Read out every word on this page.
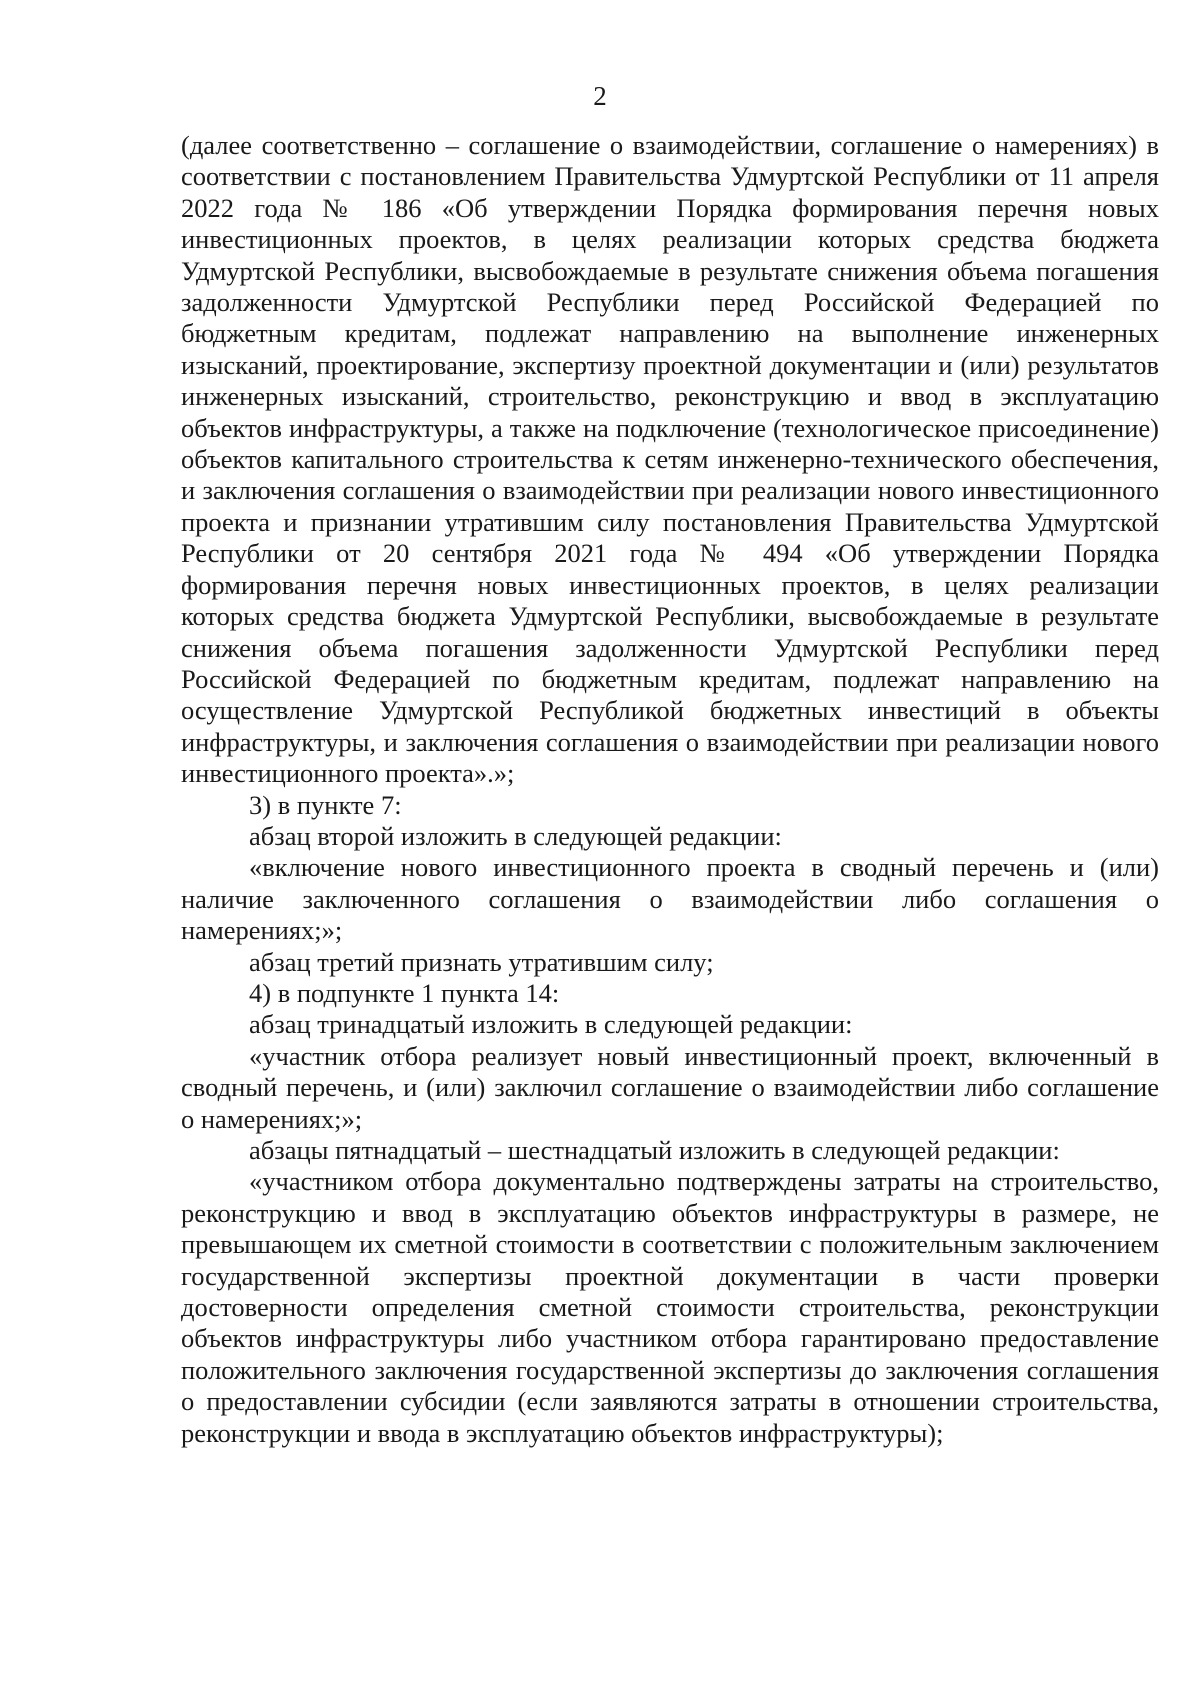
2

(далее соответственно – соглашение о взаимодействии, соглашение о намерениях) в соответствии с постановлением Правительства Удмуртской Республики от 11 апреля 2022 года № 186 «Об утверждении Порядка формирования перечня новых инвестиционных проектов, в целях реализации которых средства бюджета Удмуртской Республики, высвобождаемые в результате снижения объема погашения задолженности Удмуртской Республики перед Российской Федерацией по бюджетным кредитам, подлежат направлению на выполнение инженерных изысканий, проектирование, экспертизу проектной документации и (или) результатов инженерных изысканий, строительство, реконструкцию и ввод в эксплуатацию объектов инфраструктуры, а также на подключение (технологическое присоединение) объектов капитального строительства к сетям инженерно-технического обеспечения, и заключения соглашения о взаимодействии при реализации нового инвестиционного проекта и признании утратившим силу постановления Правительства Удмуртской Республики от 20 сентября 2021 года № 494 «Об утверждении Порядка формирования перечня новых инвестиционных проектов, в целях реализации которых средства бюджета Удмуртской Республики, высвобождаемые в результате снижения объема погашения задолженности Удмуртской Республики перед Российской Федерацией по бюджетным кредитам, подлежат направлению на осуществление Удмуртской Республикой бюджетных инвестиций в объекты инфраструктуры, и заключения соглашения о взаимодействии при реализации нового инвестиционного проекта».»;

3) в пункте 7:

абзац второй изложить в следующей редакции:

«включение нового инвестиционного проекта в сводный перечень и (или) наличие заключенного соглашения о взаимодействии либо соглашения о намерениях;»;

абзац третий признать утратившим силу;

4) в подпункте 1 пункта 14:

абзац тринадцатый изложить в следующей редакции:

«участник отбора реализует новый инвестиционный проект, включенный в сводный перечень, и (или) заключил соглашение о взаимодействии либо соглашение о намерениях;»;

абзацы пятнадцатый – шестнадцатый изложить в следующей редакции:

«участником отбора документально подтверждены затраты на строительство, реконструкцию и ввод в эксплуатацию объектов инфраструктуры в размере, не превышающем их сметной стоимости в соответствии с положительным заключением государственной экспертизы проектной документации в части проверки достоверности определения сметной стоимости строительства, реконструкции объектов инфраструктуры либо участником отбора гарантировано предоставление положительного заключения государственной экспертизы до заключения соглашения о предоставлении субсидии (если заявляются затраты в отношении строительства, реконструкции и ввода в эксплуатацию объектов инфраструктуры);
